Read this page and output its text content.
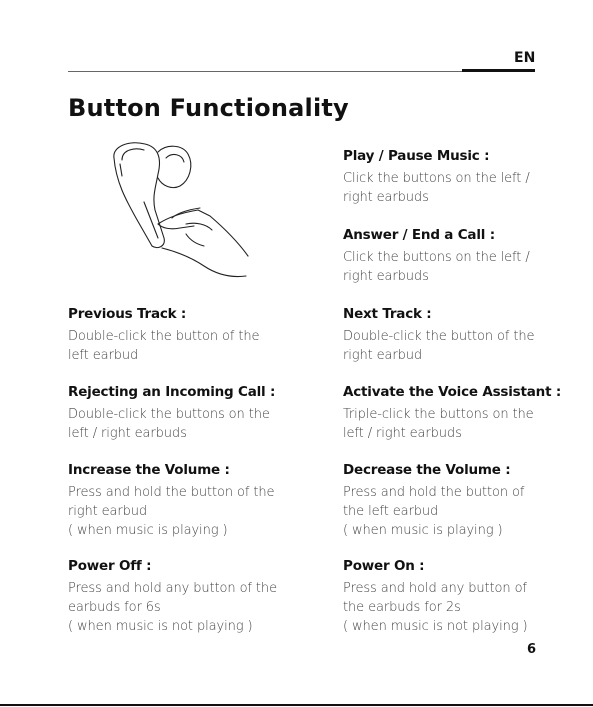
EN
Button Functionality
Play / Pause Music :

Click the buttons on the left /
right earbuds

Answer / End a Call :

Click the buttons on the left /
right earbuds

Previous Track :

Double-click the button of the
left earbud

Rejecting an Incoming Call :

Double-click the buttons on the
left / right earbuds

Increase the Volume :

Press and hold the button of the
right earbud
( when music is playing )

Power Off :

Press and hold any button of the
earbuds for 6s
( when music is not playing )

Next Track :

Double-click the button of the
right earbud

Activate the Voice Assistant :

Triple-click the buttons on the
left / right earbuds

Decrease the Volume :

Press and hold the button of
the left earbud
( when music is playing )

Power On :

Press and hold any button of
the earbuds for 2s
( when music is not playing )

6
